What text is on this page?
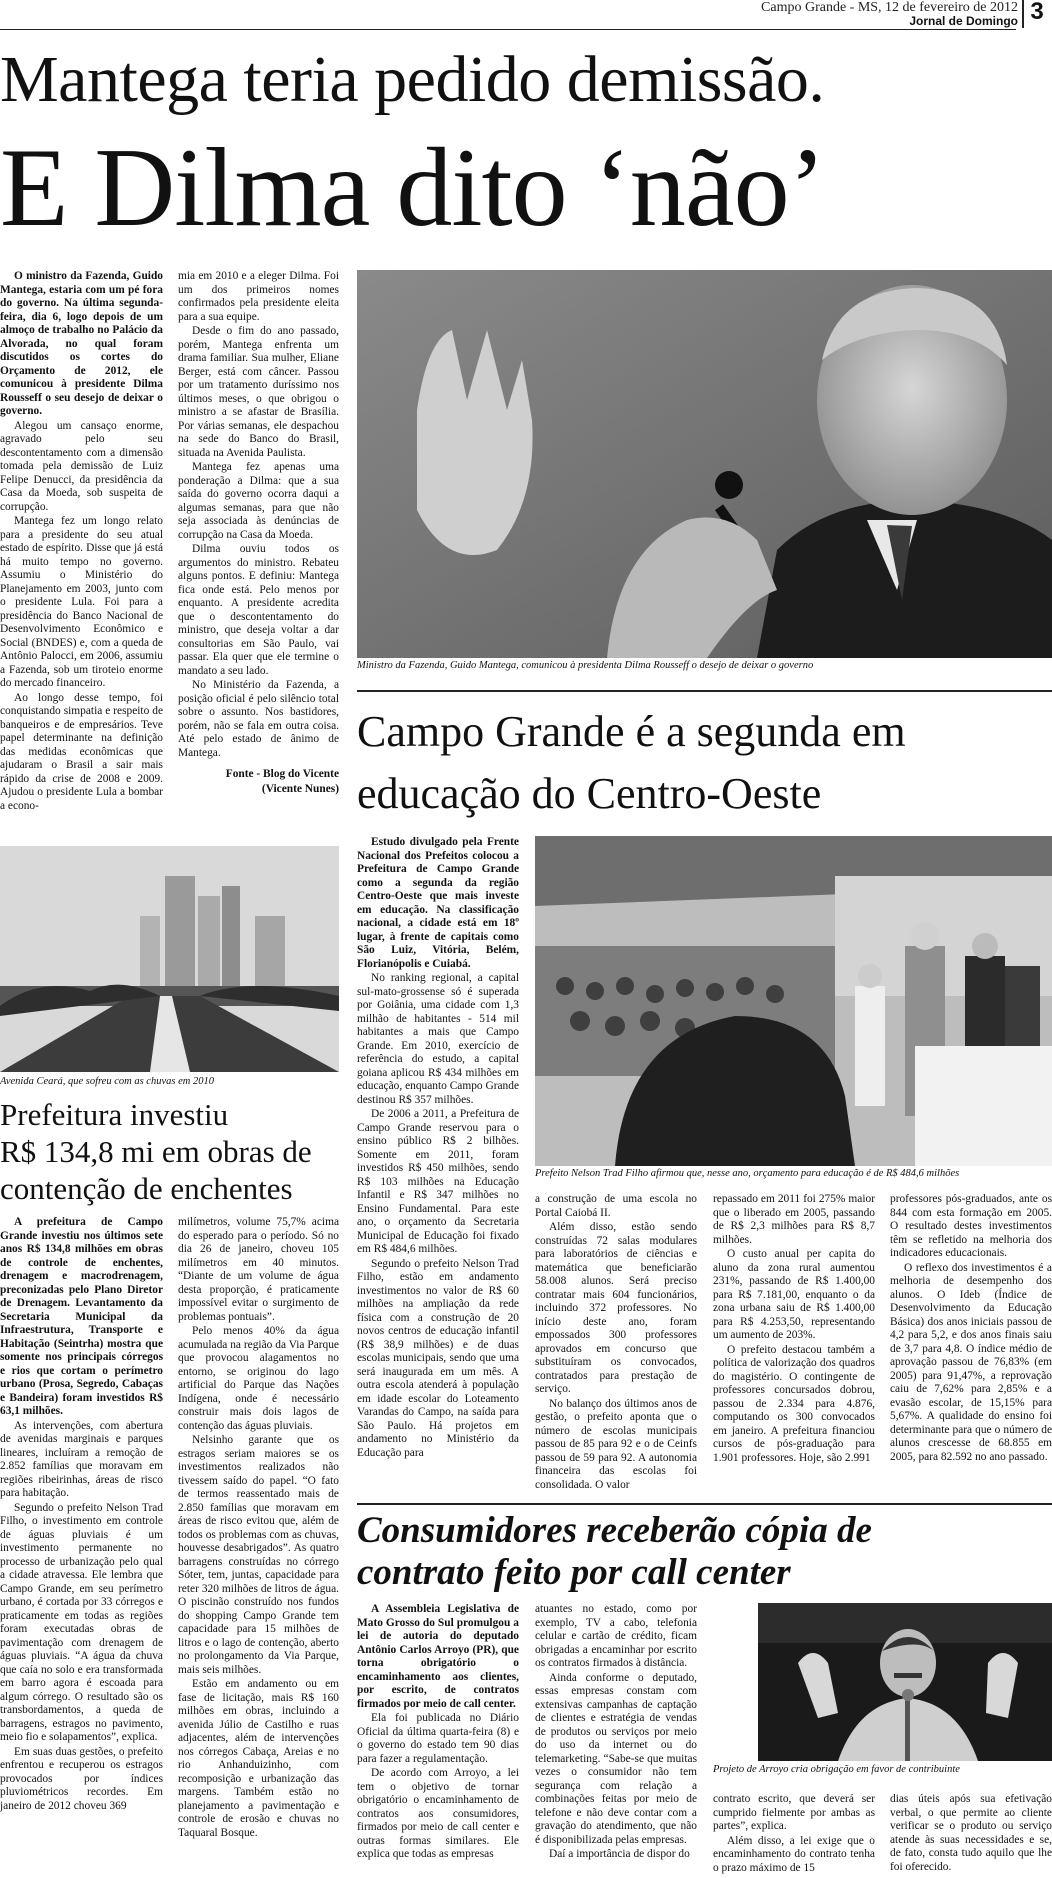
Campo Grande - MS, 12 de fevereiro de 2012
Jornal de Domingo 3
Mantega teria pedido demissão.
E Dilma dito ‘não’

O ministro da Fazenda, Guido Mantega, estaria com um pé fora do governo. Na última segunda-feira, dia 6, logo depois de um almoço de trabalho no Palácio da Alvorada, no qual foram discutidos os cortes do Orçamento de 2012, ele comunicou à presidente Dilma Rousseff o seu desejo de deixar o governo.

Alegou um cansaço enorme, agravado pelo seu descontentamento com a dimensão tomada pela demissão de Luiz Felipe Denucci, da presidência da Casa da Moeda, sob suspeita de corrupção.

Mantega fez um longo relato para a presidente do seu atual estado de espírito. Disse que já está há muito tempo no governo. Assumiu o Ministério do Planejamento em 2003, junto com o presidente Lula. Foi para a presidência do Banco Nacional de Desenvolvimento Econômico e Social (BNDES) e, com a queda de Antônio Palocci, em 2006, assumiu a Fazenda, sob um tiroteio enorme do mercado financeiro.

Ao longo desse tempo, foi conquistando simpatia e respeito de banqueiros e de empresários. Teve papel determinante na definição das medidas econômicas que ajudaram o Brasil a sair mais rápido da crise de 2008 e 2009. Ajudou o presidente Lula a bombar a econo-

mia em 2010 e a eleger Dilma. Foi um dos primeiros nomes confirmados pela presidente eleita para a sua equipe.

Desde o fim do ano passado, porém, Mantega enfrenta um drama familiar. Sua mulher, Eliane Berger, está com câncer. Passou por um tratamento duríssimo nos últimos meses, o que obrigou o ministro a se afastar de Brasília. Por várias semanas, ele despachou na sede do Banco do Brasil, situada na Avenida Paulista.

Mantega fez apenas uma ponderação a Dilma: que a sua saída do governo ocorra daqui a algumas semanas, para que não seja associada às denúncias de corrupção na Casa da Moeda.

Dilma ouviu todos os argumentos do ministro. Rebateu alguns pontos. E definiu: Mantega fica onde está. Pelo menos por enquanto. A presidente acredita que o descontentamento do ministro, que deseja voltar a dar consultorias em São Paulo, vai passar. Ela quer que ele termine o mandato a seu lado.

No Ministério da Fazenda, a posição oficial é pelo silêncio total sobre o assunto. Nos bastidores, porém, não se fala em outra coisa. Até pelo estado de ânimo de Mantega.

Fonte - Blog do Vicente

(Vicente Nunes)

Ministro da Fazenda, Guido Mantega, comunicou à presidenta Dilma Rousseff o desejo de deixar o governo
Campo Grande é a segunda em
educação do Centro-Oeste
Avenida Ceará, que sofreu com as chuvas em 2010
Prefeitura investiu
R$ 134,8 mi em obras de
contenção de enchentes

A prefeitura de Campo Grande investiu nos últimos sete anos R$ 134,8 milhões em obras de controle de enchentes, drenagem e macrodrenagem, preconizadas pelo Plano Diretor de Drenagem. Levantamento da Secretaria Municipal da Infraestrutura, Transporte e Habitação (Seintrha) mostra que somente nos principais córregos e rios que cortam o perímetro urbano (Prosa, Segredo, Cabaças e Bandeira) foram investidos R$ 63,1 milhões.

As intervenções, com abertura de avenidas marginais e parques lineares, incluíram a remoção de 2.852 famílias que moravam em regiões ribeirinhas, áreas de risco para habitação.

Segundo o prefeito Nelson Trad Filho, o investimento em controle de águas pluviais é um investimento permanente no processo de urbanização pelo qual a cidade atravessa. Ele lembra que Campo Grande, em seu perímetro urbano, é cortada por 33 córregos e praticamente em todas as regiões foram executadas obras de pavimentação com drenagem de águas pluviais. “A água da chuva que caía no solo e era transformada em barro agora é escoada para algum córrego. O resultado são os transbordamentos, a queda de barragens, estragos no pavimento, meio fio e solapamentos”, explica.

Em suas duas gestões, o prefeito enfrentou e recuperou os estragos provocados por índices pluviométricos recordes. Em janeiro de 2012 choveu 369

milímetros, volume 75,7% acima do esperado para o período. Só no dia 26 de janeiro, choveu 105 milímetros em 40 minutos. “Diante de um volume de água desta proporção, é praticamente impossível evitar o surgimento de problemas pontuais”.

Pelo menos 40% da água acumulada na região da Via Parque que provocou alagamentos no entorno, se originou do lago artificial do Parque das Nações Indígena, onde é necessário construir mais dois lagos de contenção das águas pluviais.

Nelsinho garante que os estragos seriam maiores se os investimentos realizados não tivessem saído do papel. “O fato de termos reassentado mais de 2.850 famílias que moravam em áreas de risco evitou que, além de todos os problemas com as chuvas, houvesse desabrigados”. As quatro barragens construídas no córrego Sóter, tem, juntas, capacidade para reter 320 milhões de litros de água. O piscinão construído nos fundos do shopping Campo Grande tem capacidade para 15 milhões de litros e o lago de contenção, aberto no prolongamento da Via Parque, mais seis milhões.

Estão em andamento ou em fase de licitação, mais R$ 160 milhões em obras, incluindo a avenida Júlio de Castilho e ruas adjacentes, além de intervenções nos córregos Cabaça, Areias e no rio Anhanduizinho, com recomposição e urbanização das margens. Também estão no planejamento a pavimentação e controle de erosão e chuvas no Taquaral Bosque.

Estudo divulgado pela Frente Nacional dos Prefeitos colocou a Prefeitura de Campo Grande como a segunda da região Centro-Oeste que mais investe em educação. Na classificação nacional, a cidade está em 18º lugar, à frente de capitais como São Luiz, Vitória, Belém, Florianópolis e Cuiabá.

No ranking regional, a capital sul-mato-grossense só é superada por Goiânia, uma cidade com 1,3 milhão de habitantes - 514 mil habitantes a mais que Campo Grande. Em 2010, exercício de referência do estudo, a capital goiana aplicou R$ 434 milhões em educação, enquanto Campo Grande destinou R$ 357 milhões.

De 2006 a 2011, a Prefeitura de Campo Grande reservou para o ensino público R$ 2 bilhões. Somente em 2011, foram investidos R$ 450 milhões, sendo R$ 103 milhões na Educação Infantil e R$ 347 milhões no Ensino Fundamental. Para este ano, o orçamento da Secretaria Municipal de Educação foi fixado em R$ 484,6 milhões.

Segundo o prefeito Nelson Trad Filho, estão em andamento investimentos no valor de R$ 60 milhões na ampliação da rede física com a construção de 20 novos centros de educação infantil (R$ 38,9 milhões) e de duas escolas municipais, sendo que uma será inaugurada em um mês. A outra escola atenderá à população em idade escolar do Loteamento Varandas do Campo, na saída para São Paulo. Há projetos em andamento no Ministério da Educação para

Prefeito Nelson Trad Filho afirmou que, nesse ano, orçamento para educação é de R$ 484,6 milhões

a construção de uma escola no Portal Caiobá II.

Além disso, estão sendo construídas 72 salas modulares para laboratórios de ciências e matemática que beneficiarão 58.008 alunos. Será preciso contratar mais 604 funcionários, incluindo 372 professores. No início deste ano, foram empossados 300 professores aprovados em concurso que substituíram os convocados, contratados para prestação de serviço.

No balanço dos últimos anos de gestão, o prefeito aponta que o número de escolas municipais passou de 85 para 92 e o de Ceinfs passou de 59 para 92. A autonomia financeira das escolas foi consolidada. O valor

repassado em 2011 foi 275% maior que o liberado em 2005, passando de R$ 2,3 milhões para R$ 8,7 milhões.

O custo anual per capita do aluno da zona rural aumentou 231%, passando de R$ 1.400,00 para R$ 7.181,00, enquanto o da zona urbana saiu de R$ 1.400,00 para R$ 4.253,50, representando um aumento de 203%.

O prefeito destacou também a política de valorização dos quadros do magistério. O contingente de professores concursados dobrou, passou de 2.334 para 4.876, computando os 300 convocados em janeiro. A prefeitura financiou cursos de pós-graduação para 1.901 professores. Hoje, são 2.991

professores pós-graduados, ante os 844 com esta formação em 2005. O resultado destes investimentos têm se refletido na melhoria dos indicadores educacionais.

O reflexo dos investimentos é a melhoria de desempenho dos alunos. O Ideb (Índice de Desenvolvimento da Educação Básica) dos anos iniciais passou de 4,2 para 5,2, e dos anos finais saiu de 3,7 para 4,8. O índice médio de aprovação passou de 76,83% (em 2005) para 91,47%, a reprovação caiu de 7,62% para 2,85% e a evasão escolar, de 15,15% para 5,67%. A qualidade do ensino foi determinante para que o número de alunos crescesse de 68.855 em 2005, para 82.592 no ano passado.

Consumidores receberão cópia de
contrato feito por call center

A Assembleia Legislativa de Mato Grosso do Sul promulgou a lei de autoria do deputado Antônio Carlos Arroyo (PR), que torna obrigatório o encaminhamento aos clientes, por escrito, de contratos firmados por meio de call center.

Ela foi publicada no Diário Oficial da última quarta-feira (8) e o governo do estado tem 90 dias para fazer a regulamentação.

De acordo com Arroyo, a lei tem o objetivo de tornar obrigatório o encaminhamento de contratos aos consumidores, firmados por meio de call center e outras formas similares. Ele explica que todas as empresas

atuantes no estado, como por exemplo, TV a cabo, telefonia celular e cartão de crédito, ficam obrigadas a encaminhar por escrito os contratos firmados à distância.

Ainda conforme o deputado, essas empresas constam com extensivas campanhas de captação de clientes e estratégia de vendas de produtos ou serviços por meio do uso da internet ou do telemarketing. “Sabe-se que muitas vezes o consumidor não tem segurança com relação a combinações feitas por meio de telefone e não deve contar com a gravação do atendimento, que não é disponibilizada pelas empresas.

Daí a importância de dispor do

Projeto de Arroyo cria obrigação em favor de contribuinte

contrato escrito, que deverá ser cumprido fielmente por ambas as partes”, explica.

Além disso, a lei exige que o encaminhamento do contrato tenha o prazo máximo de 15

dias úteis após sua efetivação verbal, o que permite ao cliente verificar se o produto ou serviço atende às suas necessidades e se, de fato, consta tudo aquilo que lhe foi oferecido.
